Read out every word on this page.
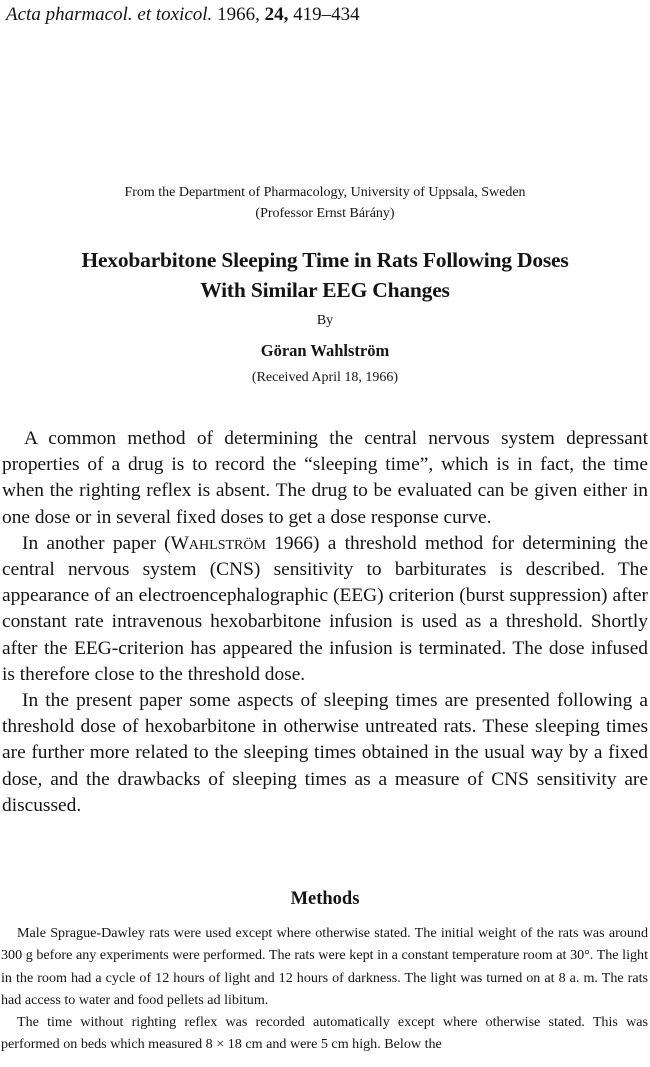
Acta pharmacol. et toxicol. 1966, 24, 419–434
From the Department of Pharmacology, University of Uppsala, Sweden
(Professor Ernst Bárány)
Hexobarbitone Sleeping Time in Rats Following Doses
With Similar EEG Changes
By
Göran Wahlström
(Received April 18, 1966)

A common method of determining the central nervous system depressant properties of a drug is to record the “sleeping time”, which is in fact, the time when the righting reflex is absent. The drug to be evaluated can be given either in one dose or in several fixed doses to get a dose response curve.

In another paper (Wahlström 1966) a threshold method for determining the central nervous system (CNS) sensitivity to barbiturates is described. The appearance of an electroencephalographic (EEG) criterion (burst suppression) after constant rate intravenous hexobarbitone infusion is used as a threshold. Shortly after the EEG-criterion has appeared the infusion is terminated. The dose infused is therefore close to the threshold dose.

In the present paper some aspects of sleeping times are presented following a threshold dose of hexobarbitone in otherwise untreated rats. These sleeping times are further more related to the sleeping times obtained in the usual way by a fixed dose, and the drawbacks of sleeping times as a measure of CNS sensitivity are discussed.

Methods

Male Sprague-Dawley rats were used except where otherwise stated. The initial weight of the rats was around 300 g before any experiments were performed. The rats were kept in a constant temperature room at 30°. The light in the room had a cycle of 12 hours of light and 12 hours of darkness. The light was turned on at 8 a. m. The rats had access to water and food pellets ad libitum.

The time without righting reflex was recorded automatically except where otherwise stated. This was performed on beds which measured 8 × 18 cm and were 5 cm high. Below the
